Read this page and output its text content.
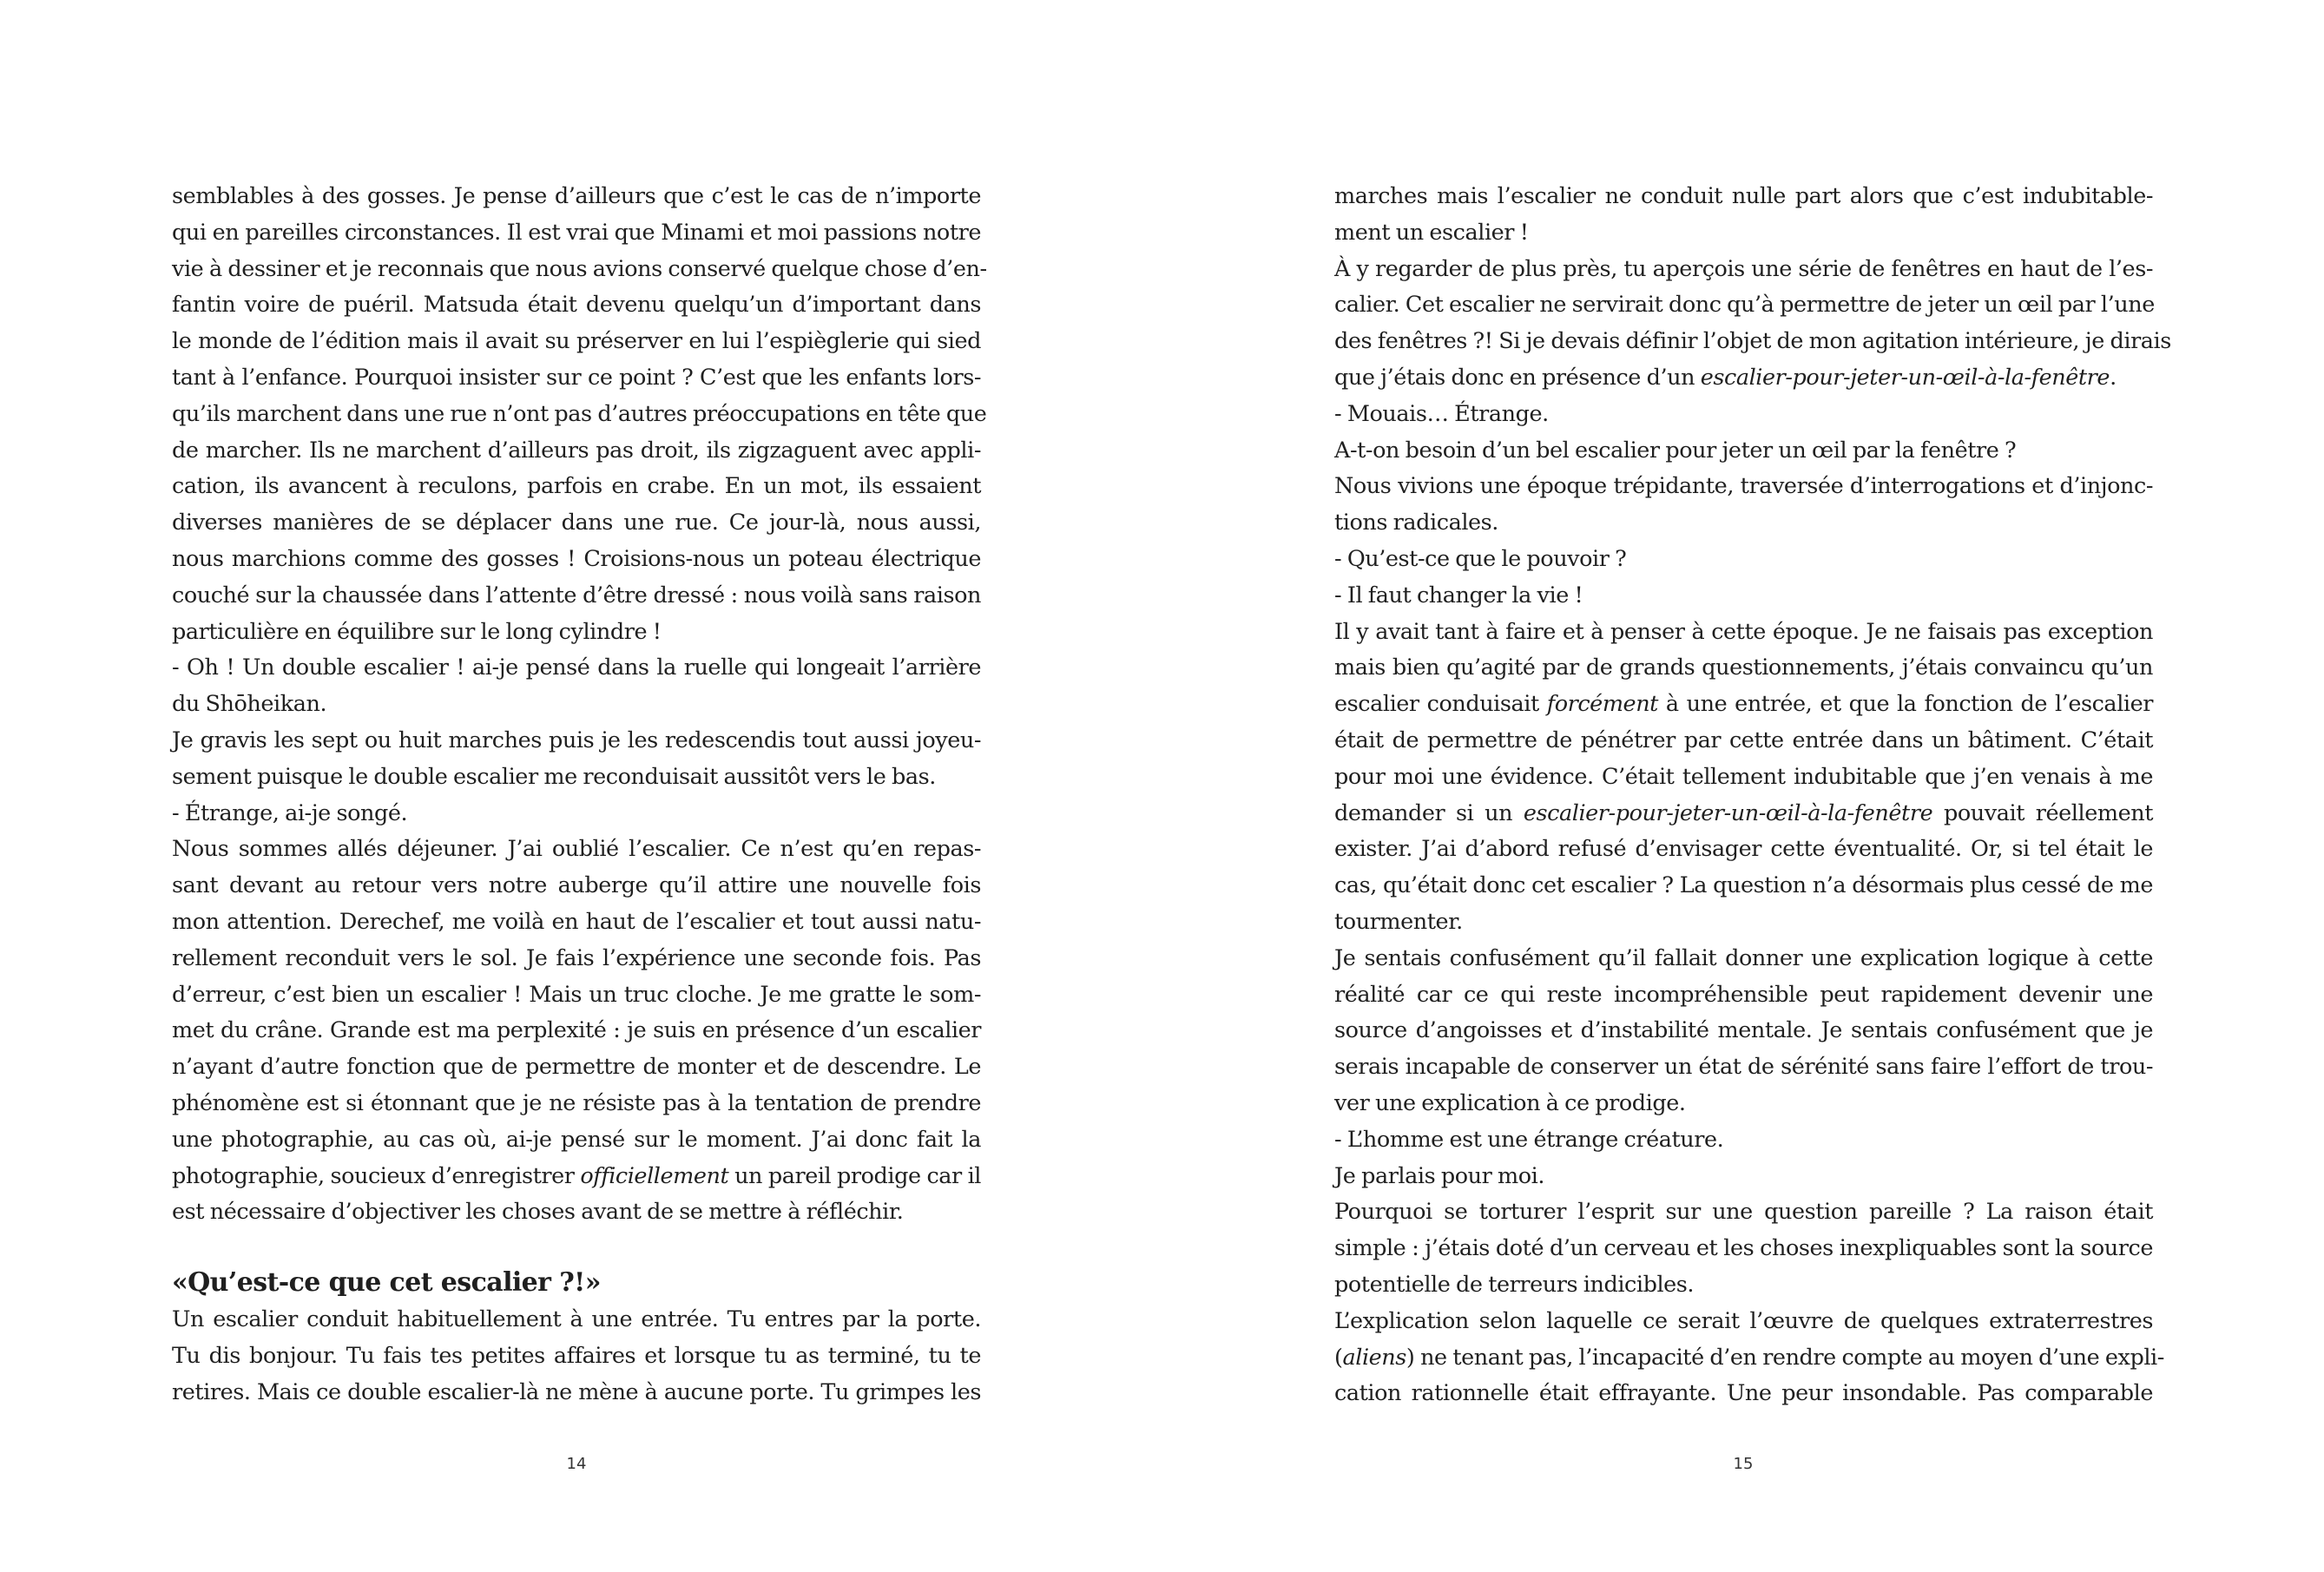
semblables à des gosses. Je pense d’ailleurs que c’est le cas de n’importe
qui en pareilles circonstances. Il est vrai que Minami et moi passions notre
vie à dessiner et je reconnais que nous avions conservé quelque chose d’en-
fantin voire de puéril. Matsuda était devenu quelqu’un d’important dans
le monde de l’édition mais il avait su préserver en lui l’espièglerie qui sied
tant à l’enfance. Pourquoi insister sur ce point ? C’est que les enfants lors-
qu’ils marchent dans une rue n’ont pas d’autres préoccupations en tête que
de marcher. Ils ne marchent d’ailleurs pas droit, ils zigzaguent avec appli-
cation, ils avancent à reculons, parfois en crabe. En un mot, ils essaient
diverses manières de se déplacer dans une rue. Ce jour-là, nous aussi,
nous marchions comme des gosses ! Croisions-nous un poteau électrique
couché sur la chaussée dans l’attente d’être dressé : nous voilà sans raison
particulière en équilibre sur le long cylindre !
- Oh ! Un double escalier ! ai-je pensé dans la ruelle qui longeait l’arrière
du Shōheikan.
Je gravis les sept ou huit marches puis je les redescendis tout aussi joyeu-
sement puisque le double escalier me reconduisait aussitôt vers le bas.
- Étrange, ai-je songé.
Nous sommes allés déjeuner. J’ai oublié l’escalier. Ce n’est qu’en repas-
sant devant au retour vers notre auberge qu’il attire une nouvelle fois
mon attention. Derechef, me voilà en haut de l’escalier et tout aussi natu-
rellement reconduit vers le sol. Je fais l’expérience une seconde fois. Pas
d’erreur, c’est bien un escalier ! Mais un truc cloche. Je me gratte le som-
met du crâne. Grande est ma perplexité : je suis en présence d’un escalier
n’ayant d’autre fonction que de permettre de monter et de descendre. Le
phénomène est si étonnant que je ne résiste pas à la tentation de prendre
une photographie, au cas où, ai-je pensé sur le moment. J’ai donc fait la
photographie, soucieux d’enregistrer officiellement un pareil prodige car il
est nécessaire d’objectiver les choses avant de se mettre à réfléchir.
«Qu’est-ce que cet escalier ?!»
Un escalier conduit habituellement à une entrée. Tu entres par la porte.
Tu dis bonjour. Tu fais tes petites affaires et lorsque tu as terminé, tu te
retires. Mais ce double escalier-là ne mène à aucune porte. Tu grimpes les
14
marches mais l’escalier ne conduit nulle part alors que c’est indubitable-
ment un escalier !
À y regarder de plus près, tu aperçois une série de fenêtres en haut de l’es-
calier. Cet escalier ne servirait donc qu’à permettre de jeter un œil par l’une
des fenêtres ?! Si je devais définir l’objet de mon agitation intérieure, je dirais
que j’étais donc en présence d’un escalier-pour-jeter-un-œil-à-la-fenêtre.
- Mouais… Étrange.
A-t-on besoin d’un bel escalier pour jeter un œil par la fenêtre ?
Nous vivions une époque trépidante, traversée d’interrogations et d’injonc-
tions radicales.
- Qu’est-ce que le pouvoir ?
- Il faut changer la vie !
Il y avait tant à faire et à penser à cette époque. Je ne faisais pas exception
mais bien qu’agité par de grands questionnements, j’étais convaincu qu’un
escalier conduisait forcément à une entrée, et que la fonction de l’escalier
était de permettre de pénétrer par cette entrée dans un bâtiment. C’était
pour moi une évidence. C’était tellement indubitable que j’en venais à me
demander si un escalier-pour-jeter-un-œil-à-la-fenêtre pouvait réellement
exister. J’ai d’abord refusé d’envisager cette éventualité. Or, si tel était le
cas, qu’était donc cet escalier ? La question n’a désormais plus cessé de me
tourmenter.
Je sentais confusément qu’il fallait donner une explication logique à cette
réalité car ce qui reste incompréhensible peut rapidement devenir une
source d’angoisses et d’instabilité mentale. Je sentais confusément que je
serais incapable de conserver un état de sérénité sans faire l’effort de trou-
ver une explication à ce prodige.
- L’homme est une étrange créature.
Je parlais pour moi.
Pourquoi se torturer l’esprit sur une question pareille ? La raison était
simple : j’étais doté d’un cerveau et les choses inexpliquables sont la source
potentielle de terreurs indicibles.
L’explication selon laquelle ce serait l’œuvre de quelques extraterrestres
(aliens) ne tenant pas, l’incapacité d’en rendre compte au moyen d’une expli-
cation rationnelle était effrayante. Une peur insondable. Pas comparable
15
